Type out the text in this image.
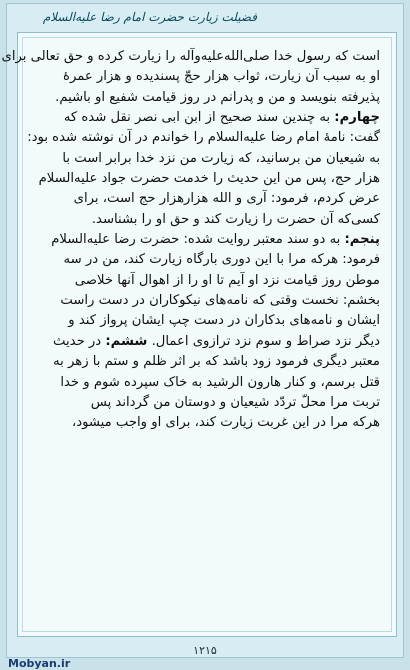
فضیلت زیارت حضرت امام رضا علیه‌السلام

است که رسول خدا صلی‌الله‌علیه‌وآله را زیارت کرده و حق تعالی برای

او به سبب آن زیارت، ثواب هزار حجّ پسندیده و هزار عمرهٔ

پذیرفته بنویسد و من و پدرانم در روز قیامت شفیع او باشیم.

چهارم: به چندین سند صحیح از ابن ابی نصر نقل شده که

گفت: نامهٔ امام رضا علیه‌السلام را خواندم در آن نوشته شده بود:

به شیعیان من برسانید، که زیارت من نزد خدا برابر است با

هزار حج، پس من این حدیث را خدمت حضرت جواد علیه‌السلام

عرض کردم، فرمود: آری و الله هزارهزار حج است، برای

کسی‌که آن حضرت را زیارت کند و حق او را بشناسد.

پنجم: به دو سند معتبر روایت شده: حضرت رضا علیه‌السلام

فرمود: هرکه مرا با این دوری بارگاه زیارت کند، من در سه

موطن روز قیامت نزد او آیم تا او را از اهوال آنها خلاصی

بخشم: نخست وقتی که نامه‌های نیکوکاران در دست راست

ایشان و نامه‌های بدکاران در دست چپ ایشان پرواز کند و

دیگر نزد صراط و سوم نزد ترازوی اعمال. ششم: در حدیث

معتبر دیگری فرمود زود باشد که بر اثر ظلم و ستم با زهر به

قتل برسم، و کنار هارون الرشید به خاک سپرده شوم و خدا

تربت مرا محلّ تردّد شیعیان و دوستان من گرداند پس

هرکه مرا در این غربت زیارت کند، برای او واجب میشود،

۱۲۱۵
Mobyan.ir
